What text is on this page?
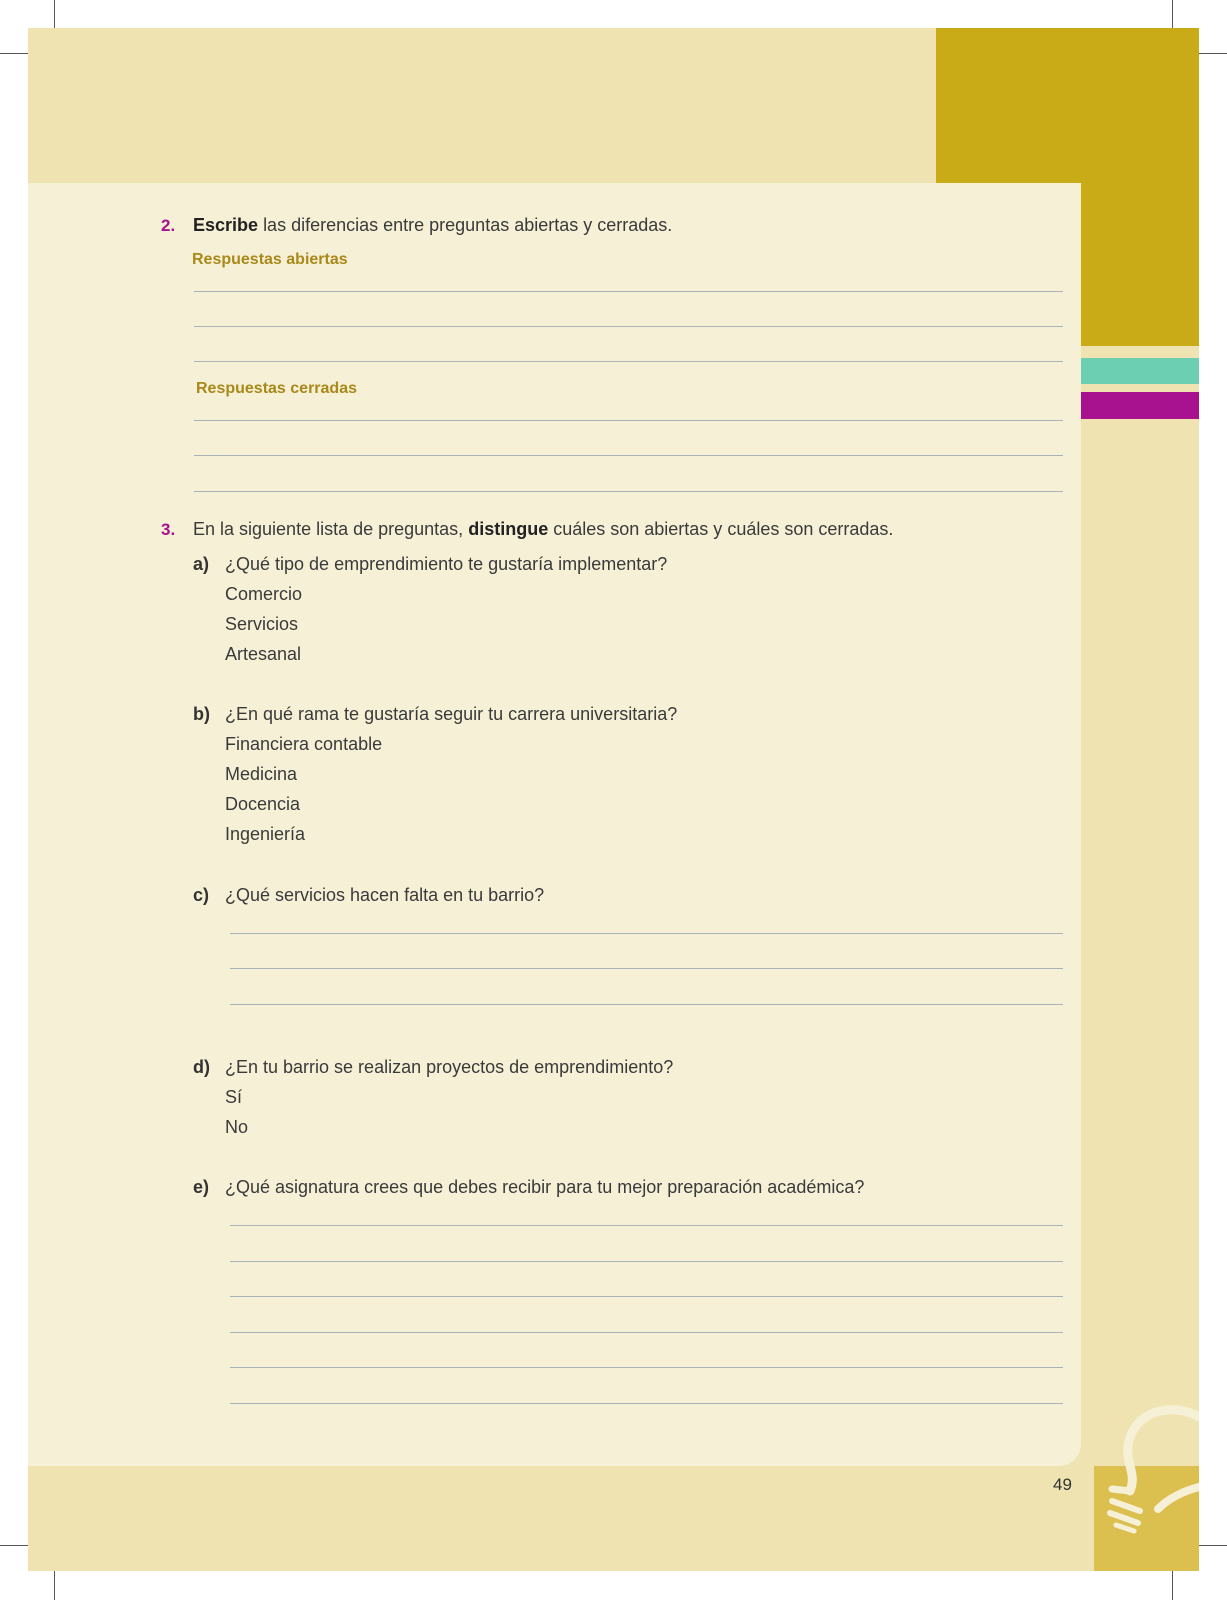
2. Escribe las diferencias entre preguntas abiertas y cerradas.
Respuestas abiertas
Respuestas cerradas
3. En la siguiente lista de preguntas, distingue cuáles son abiertas y cuáles son cerradas.
a) ¿Qué tipo de emprendimiento te gustaría implementar?
Comercio
Servicios
Artesanal
b) ¿En qué rama te gustaría seguir tu carrera universitaria?
Financiera contable
Medicina
Docencia
Ingeniería
c) ¿Qué servicios hacen falta en tu barrio?
d) ¿En tu barrio se realizan proyectos de emprendimiento?
Sí
No
e) ¿Qué asignatura crees que debes recibir para tu mejor preparación académica?
49
